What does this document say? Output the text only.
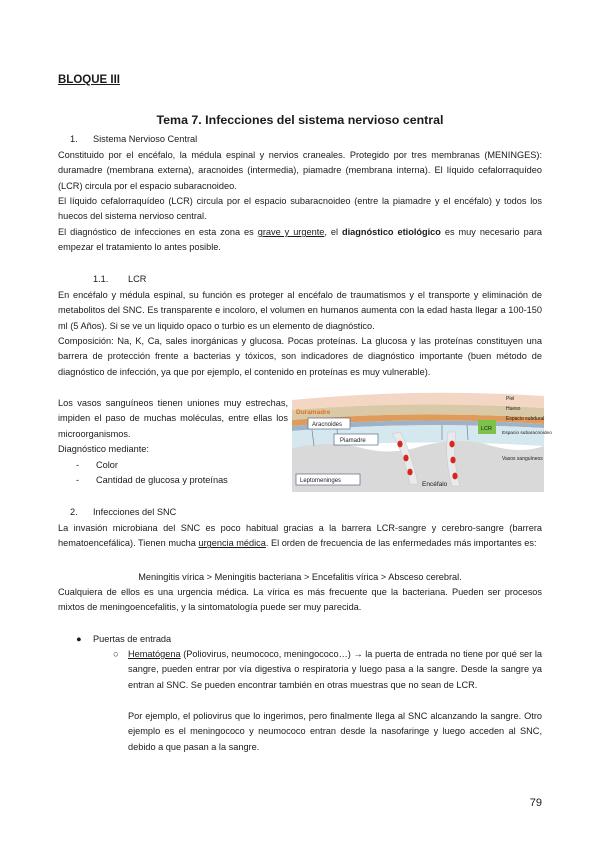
BLOQUE III

Tema 7. Infecciones del sistema nervioso central

1. Sistema Nervioso Central

Constituido por el encéfalo, la médula espinal y nervios craneales. Protegido por tres membranas (MENINGES): duramadre (membrana externa), aracnoides (intermedia), piamadre (membrana interna). El líquido cefalorraquídeo (LCR) circula por el espacio subaracnoideo.

El líquido cefalorraquídeo (LCR) circula por el espacio subaracnoideo (entre la piamadre y el encéfalo) y todos los huecos del sistema nervioso central.

El diagnóstico de infecciones en esta zona es grave y urgente, el diagnóstico etiológico es muy necesario para empezar el tratamiento lo antes posible.

1.1. LCR

En encéfalo y médula espinal, su función es proteger al encéfalo de traumatismos y el transporte y eliminación de metabolitos del SNC. Es transparente e incoloro, el volumen en humanos aumenta con la edad hasta llegar a 100-150 ml (5 Años). Si se ve un liquido opaco o turbio es un elemento de diagnóstico.

Composición: Na, K, Ca, sales inorgánicas y glucosa. Pocas proteínas. La glucosa y las proteínas constituyen una barrera de protección frente a bacterias y tóxicos, son indicadores de diagnóstico importante (buen método de diagnóstico de infección, ya que por ejemplo, el contenido en proteínas es muy vulnerable).

Los vasos sanguíneos tienen uniones muy estrechas, impiden el paso de muchas moléculas, entre ellas los microorganismos.

Diagnóstico mediante:
- Color
- Cantidad de glucosa y proteínas
LCR
Duramadre
Aracnoides
Piamadre
Leptomeninges
Piel
Hueso
Espacio subdural
Espacio subaracnoideo
Vasos sanguíneos
Encéfalo
2. Infecciones del SNC

La invasión microbiana del SNC es poco habitual gracias a la barrera LCR-sangre y cerebro-sangre (barrera hematoencefálica). Tienen mucha urgencia médica. El orden de frecuencia de las enfermedades más importantes es:

Meningitis vírica > Meningitis bacteriana > Encefalitis vírica > Absceso cerebral.

Cualquiera de ellos es una urgencia médica. La vírica es más frecuente que la bacteriana. Pueden ser procesos mixtos de meningoencefalitis, y la sintomatología puede ser muy parecida.

● Puertas de entrada
○ Hematógena (Poliovirus, neumococo, meningococo…) → la puerta de entrada no tiene por qué ser la sangre, pueden entrar por vía digestiva o respiratoria y luego pasa a la sangre. Desde la sangre ya entran al SNC. Se pueden encontrar también en otras muestras que no sean de LCR.

Por ejemplo, el poliovirus que lo ingerimos, pero finalmente llega al SNC alcanzando la sangre. Otro ejemplo es el meningococo y neumococo entran desde la nasofaringe y luego acceden al SNC, debido a que pasan a la sangre.

79
